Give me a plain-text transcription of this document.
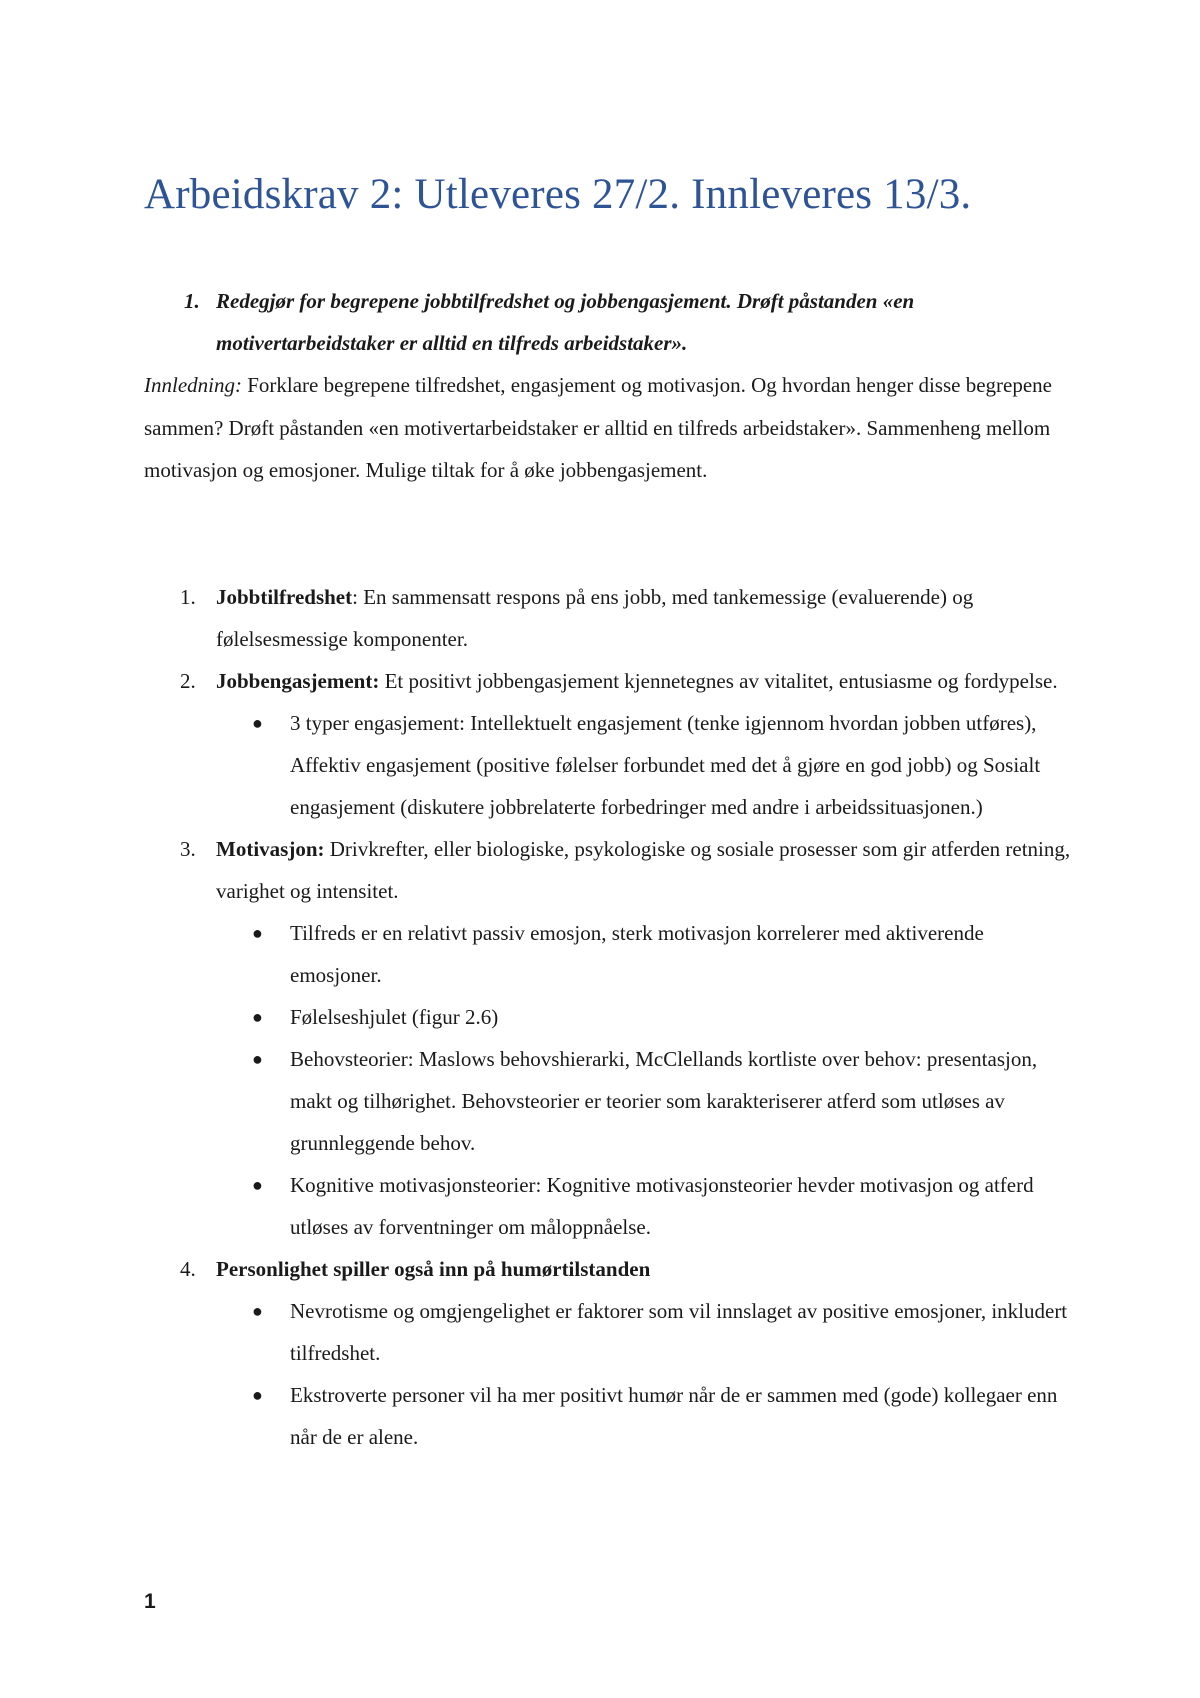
Arbeidskrav 2: Utleveres 27/2. Innleveres 13/3.
1. Redegjør for begrepene jobbtilfredshet og jobbengasjement. Drøft påstanden «en
motivertarbeidstaker er alltid en tilfreds arbeidstaker».
Innledning: Forklare begrepene tilfredshet, engasjement og motivasjon. Og hvordan henger disse begrepene sammen? Drøft påstanden «en motivertarbeidstaker er alltid en tilfreds arbeidstaker». Sammenheng mellom motivasjon og emosjoner. Mulige tiltak for å øke jobbengasjement.
1. Jobbtilfredshet: En sammensatt respons på ens jobb, med tankemessige (evaluerende) og følelsesmessige komponenter.
2. Jobbengasjement: Et positivt jobbengasjement kjennetegnes av vitalitet, entusiasme og fordypelse.
● 3 typer engasjement: Intellektuelt engasjement (tenke igjennom hvordan jobben utføres), Affektiv engasjement (positive følelser forbundet med det å gjøre en god jobb) og Sosialt engasjement (diskutere jobbrelaterte forbedringer med andre i arbeidssituasjonen.)
3. Motivasjon: Drivkrefter, eller biologiske, psykologiske og sosiale prosesser som gir atferden retning, varighet og intensitet.
● Tilfreds er en relativt passiv emosjon, sterk motivasjon korrelerer med aktiverende emosjoner.
● Følelseshjulet (figur 2.6)
● Behovsteorier: Maslows behovshierarki, McClellands kortliste over behov: presentasjon, makt og tilhørighet. Behovsteorier er teorier som karakteriserer atferd som utløses av grunnleggende behov.
● Kognitive motivasjonsteorier: Kognitive motivasjonsteorier hevder motivasjon og atferd utløses av forventninger om måloppnåelse.
4. Personlighet spiller også inn på humørtilstanden
● Nevrotisme og omgjengelighet er faktorer som vil innslaget av positive emosjoner, inkludert tilfredshet.
● Ekstroverte personer vil ha mer positivt humør når de er sammen med (gode) kollegaer enn når de er alene.
1
